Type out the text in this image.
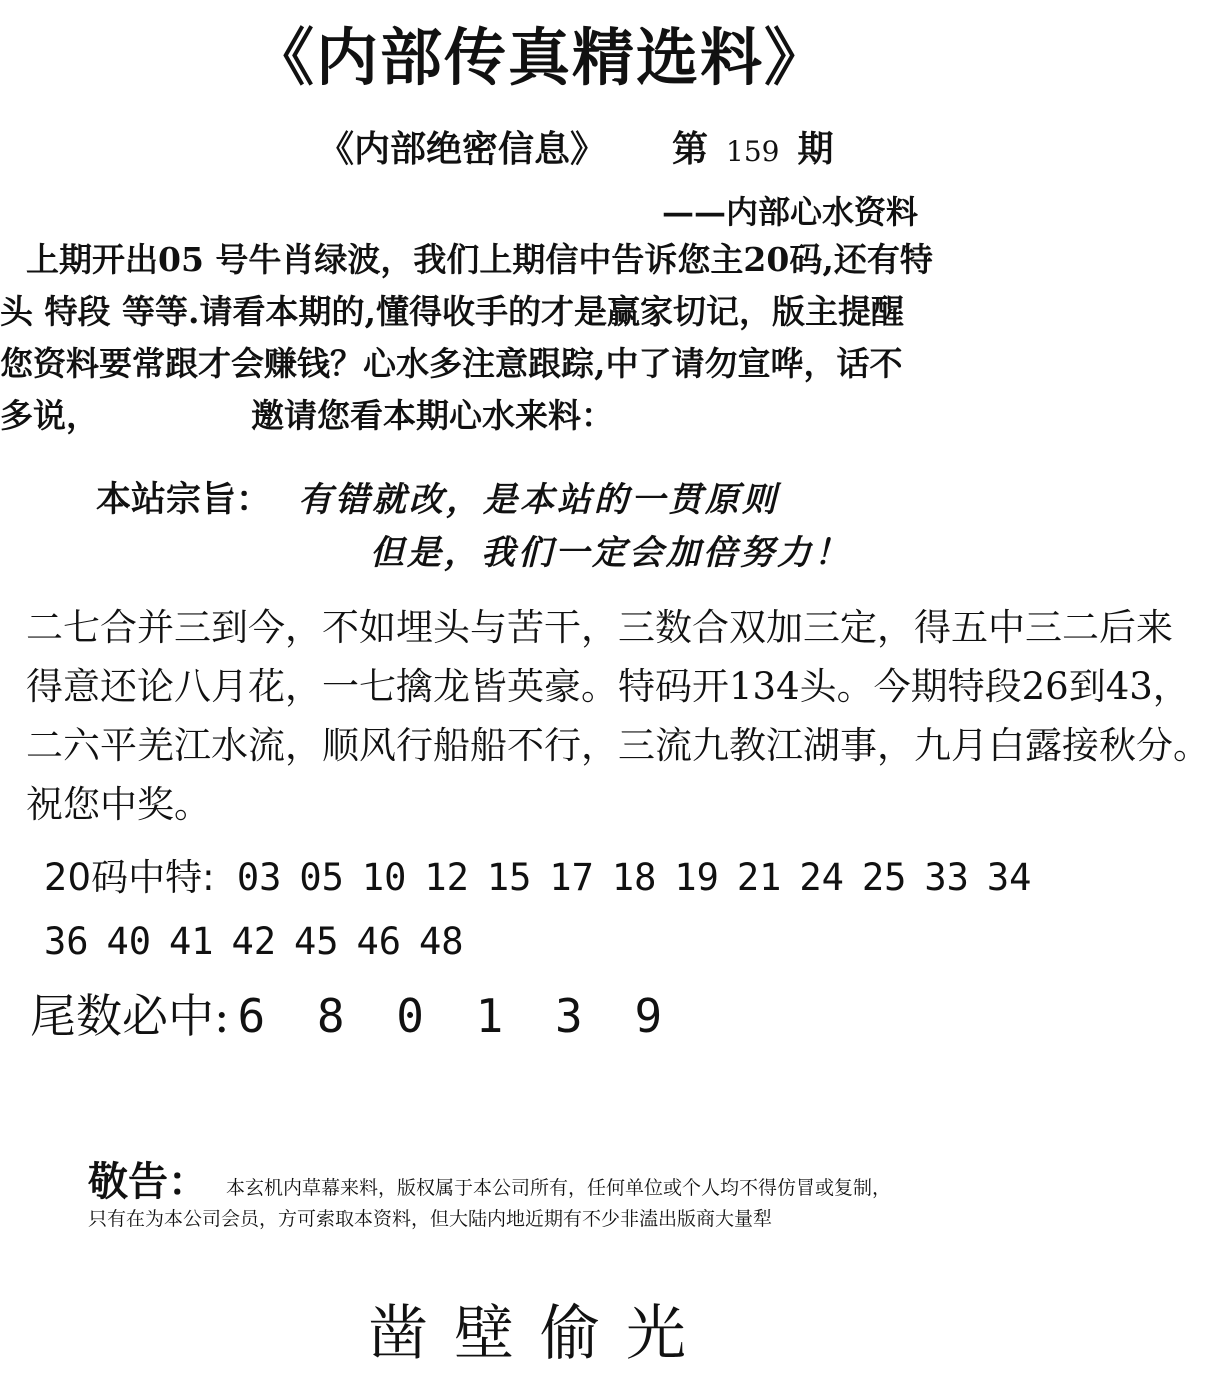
《内部传真精选料》
《内部绝密信息》 第 159 期
——内部心水资料

上期开出05 号牛肖绿波，我们上期信中告诉您主20码,还有特

头 特段 等等.请看本期的,懂得收手的才是赢家切记，版主提醒

您资料要常跟才会赚钱？心水多注意跟踪,中了请勿宣哗，话不

多说，	邀请您看本期心水来料：

本站宗旨： 有错就改，是本站的一贯原则
但是，我们一定会加倍努力！

二七合并三到今，不如埋头与苦干，三数合双加三定，得五中三二后来

得意还论八月花，一七擒龙皆英豪。特码开134头。今期特段26到43，

二六平羌江水流，顺风行船船不行，三流九教江湖事，九月白露接秋分。

祝您中奖。

20码中特: 03 05 10 12 15 17 18 19 21 24 25 33 34

36 40 41 42 45 46 48

尾数必中: 6 8 0 1 3 9
敬告： 本玄机内草幕来料，版权属于本公司所有，任何单位或个人均不得仿冒或复制，
只有在为本公司会员，方可索取本资料，但大陆内地近期有不少非溘出版商大量犁
凿壁偷光
